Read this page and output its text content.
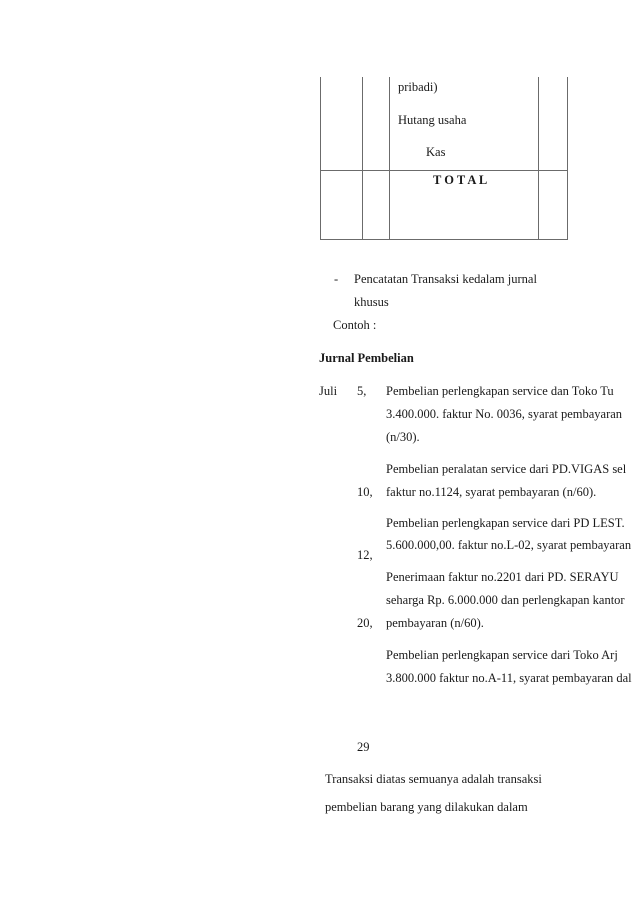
pribadi)
Hutang usaha
Kas
T O T A L
- Pencatatan Transaksi kedalam jurnal
khusus
Contoh :
Jurnal Pembelian
Juli 5, Pembelian perlengkapan service dan Toko Tu
3.400.000. faktur No. 0036, syarat pembayaran
(n/30).
10,
Pembelian peralatan service dari PD.VIGAS sel
faktur no.1124, syarat pembayaran (n/60).
12,
Pembelian perlengkapan service dari PD LEST.
5.600.000,00. faktur no.L-02, syarat pembayaran
20,
Penerimaan faktur no.2201 dari PD. SERAYU
seharga Rp. 6.000.000 dan perlengkapan kantor
pembayaran (n/60).
Pembelian perlengkapan service dari Toko Arj
3.800.000 faktur no.A-11, syarat pembayaran dal
29
Transaksi diatas semuanya adalah transaksi
pembelian barang yang dilakukan dalam
